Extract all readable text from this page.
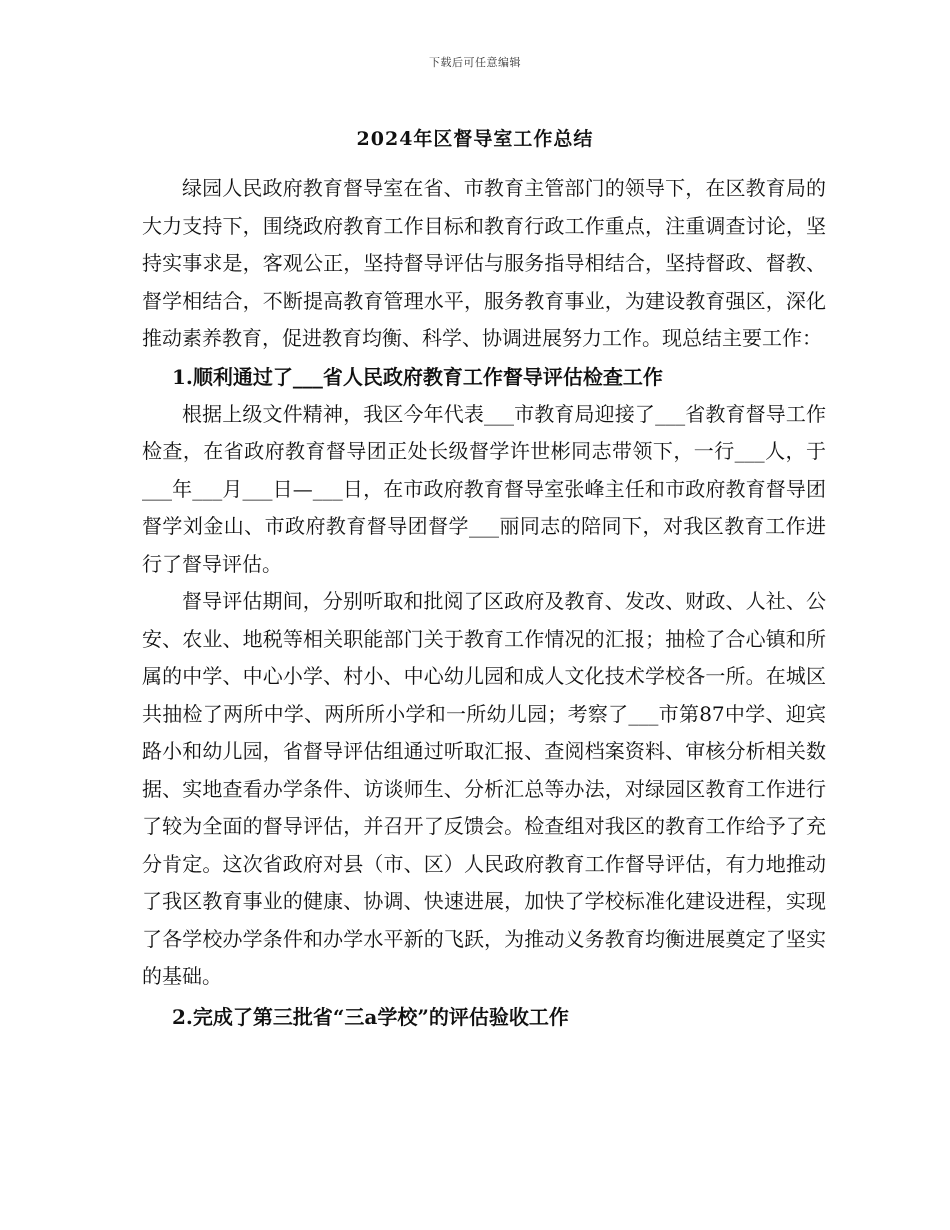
下载后可任意编辑
2024年区督导室工作总结

绿园人民政府教育督导室在省、市教育主管部门的领导下，在区教育局的大力支持下，围绕政府教育工作目标和教育行政工作重点，注重调查讨论，坚持实事求是，客观公正，坚持督导评估与服务指导相结合，坚持督政、督教、督学相结合，不断提高教育管理水平，服务教育事业，为建设教育强区，深化推动素养教育，促进教育均衡、科学、协调进展努力工作。现总结主要工作：

1.顺利通过了___省人民政府教育工作督导评估检查工作

根据上级文件精神，我区今年代表___市教育局迎接了___省教育督导工作检查，在省政府教育督导团正处长级督学许世彬同志带领下，一行___人，于___年___月___日—___日，在市政府教育督导室张峰主任和市政府教育督导团督学刘金山、市政府教育督导团督学___丽同志的陪同下，对我区教育工作进行了督导评估。

督导评估期间，分别听取和批阅了区政府及教育、发改、财政、人社、公安、农业、地税等相关职能部门关于教育工作情况的汇报；抽检了合心镇和所属的中学、中心小学、村小、中心幼儿园和成人文化技术学校各一所。在城区共抽检了两所中学、两所所小学和一所幼儿园；考察了___市第87中学、迎宾路小和幼儿园，省督导评估组通过听取汇报、查阅档案资料、审核分析相关数据、实地查看办学条件、访谈师生、分析汇总等办法，对绿园区教育工作进行了较为全面的督导评估，并召开了反馈会。检查组对我区的教育工作给予了充分肯定。这次省政府对县（市、区）人民政府教育工作督导评估，有力地推动了我区教育事业的健康、协调、快速进展，加快了学校标准化建设进程，实现了各学校办学条件和办学水平新的飞跃，为推动义务教育均衡进展奠定了坚实的基础。

2.完成了第三批省“三a学校”的评估验收工作
